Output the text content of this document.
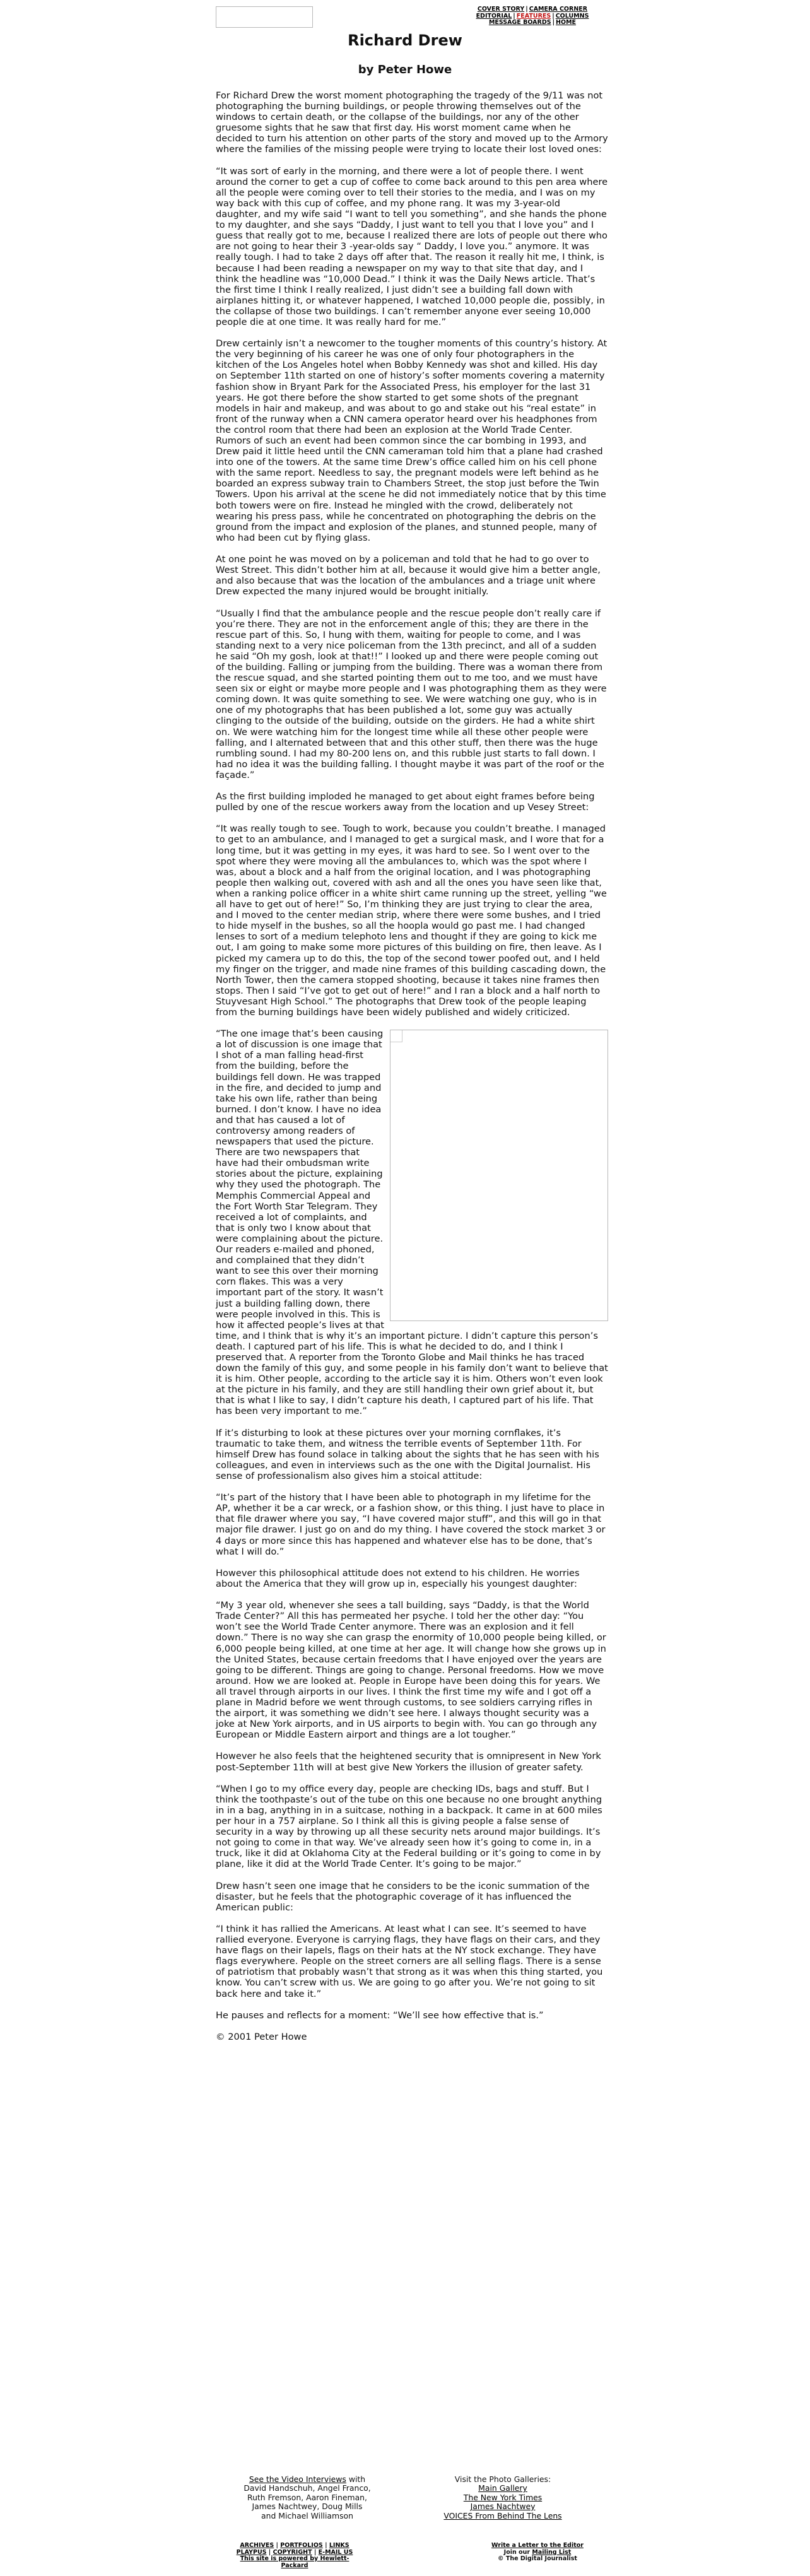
COVER STORY | CAMERA CORNER
EDITORIAL | FEATURES | COLUMNS
MESSAGE BOARDS | HOME
Richard Drew
by Peter Howe

For Richard Drew the worst moment photographing the tragedy of the 9/11 was not photographing the burning buildings, or people throwing themselves out of the windows to certain death, or the collapse of the buildings, nor any of the other gruesome sights that he saw that first day. His worst moment came when he decided to turn his attention on other parts of the story and moved up to the Armory where the families of the missing people were trying to locate their lost loved ones:

“It was sort of early in the morning, and there were a lot of people there. I went around the corner to get a cup of coffee to come back around to this pen area where all the people were coming over to tell their stories to the media, and I was on my way back with this cup of coffee, and my phone rang. It was my 3-year-old daughter, and my wife said “I want to tell you something”, and she hands the phone to my daughter, and she says “Daddy, I just want to tell you that I love you” and I guess that really got to me, because I realized there are lots of people out there who are not going to hear their 3 -year-olds say “ Daddy, I love you.” anymore. It was really tough. I had to take 2 days off after that. The reason it really hit me, I think, is because I had been reading a newspaper on my way to that site that day, and I think the headline was “10,000 Dead.” I think it was the Daily News article. That’s the first time I think I really realized, I just didn’t see a building fall down with airplanes hitting it, or whatever happened, I watched 10,000 people die, possibly, in the collapse of those two buildings. I can’t remember anyone ever seeing 10,000 people die at one time. It was really hard for me.”

Drew certainly isn’t a newcomer to the tougher moments of this country’s history. At the very beginning of his career he was one of only four photographers in the kitchen of the Los Angeles hotel when Bobby Kennedy was shot and killed. His day on September 11th started on one of history’s softer moments covering a maternity fashion show in Bryant Park for the Associated Press, his employer for the last 31 years. He got there before the show started to get some shots of the pregnant models in hair and makeup, and was about to go and stake out his “real estate” in front of the runway when a CNN camera operator heard over his headphones from the control room that there had been an explosion at the World Trade Center. Rumors of such an event had been common since the car bombing in 1993, and Drew paid it little heed until the CNN cameraman told him that a plane had crashed into one of the towers. At the same time Drew’s office called him on his cell phone with the same report. Needless to say, the pregnant models were left behind as he boarded an express subway train to Chambers Street, the stop just before the Twin Towers. Upon his arrival at the scene he did not immediately notice that by this time both towers were on fire. Instead he mingled with the crowd, deliberately not wearing his press pass, while he concentrated on photographing the debris on the ground from the impact and explosion of the planes, and stunned people, many of who had been cut by flying glass.

At one point he was moved on by a policeman and told that he had to go over to West Street. This didn’t bother him at all, because it would give him a better angle, and also because that was the location of the ambulances and a triage unit where Drew expected the many injured would be brought initially.

“Usually I find that the ambulance people and the rescue people don’t really care if you’re there. They are not in the enforcement angle of this; they are there in the rescue part of this. So, I hung with them, waiting for people to come, and I was standing next to a very nice policeman from the 13th precinct, and all of a sudden he said “Oh my gosh, look at that!!” I looked up and there were people coming out of the building. Falling or jumping from the building. There was a woman there from the rescue squad, and she started pointing them out to me too, and we must have seen six or eight or maybe more people and I was photographing them as they were coming down. It was quite something to see. We were watching one guy, who is in one of my photographs that has been published a lot, some guy was actually clinging to the outside of the building, outside on the girders. He had a white shirt on. We were watching him for the longest time while all these other people were falling, and I alternated between that and this other stuff, then there was the huge rumbling sound. I had my 80-200 lens on, and this rubble just starts to fall down. I had no idea it was the building falling. I thought maybe it was part of the roof or the façade.”

As the first building imploded he managed to get about eight frames before being pulled by one of the rescue workers away from the location and up Vesey Street:

“It was really tough to see. Tough to work, because you couldn’t breathe. I managed to get to an ambulance, and I managed to get a surgical mask, and I wore that for a long time, but it was getting in my eyes, it was hard to see. So I went over to the spot where they were moving all the ambulances to, which was the spot where I was, about a block and a half from the original location, and I was photographing people then walking out, covered with ash and all the ones you have seen like that, when a ranking police officer in a white shirt came running up the street, yelling “we all have to get out of here!” So, I’m thinking they are just trying to clear the area, and I moved to the center median strip, where there were some bushes, and I tried to hide myself in the bushes, so all the hoopla would go past me. I had changed lenses to sort of a medium telephoto lens and thought if they are going to kick me out, I am going to make some more pictures of this building on fire, then leave. As I picked my camera up to do this, the top of the second tower poofed out, and I held my finger on the trigger, and made nine frames of this building cascading down, the North Tower, then the camera stopped shooting, because it takes nine frames then stops. Then I said “I’ve got to get out of here!” and I ran a block and a half north to Stuyvesant High School.” The photographs that Drew took of the people leaping from the burning buildings have been widely published and widely criticized.

“The one image that’s been causing a lot of discussion is one image that I shot of a man falling head-first from the building, before the buildings fell down. He was trapped in the fire, and decided to jump and take his own life, rather than being burned. I don’t know. I have no idea and that has caused a lot of controversy among readers of newspapers that used the picture. There are two newspapers that have had their ombudsman write stories about the picture, explaining why they used the photograph. The Memphis Commercial Appeal and the Fort Worth Star Telegram. They received a lot of complaints, and that is only two I know about that were complaining about the picture. Our readers e-mailed and phoned, and complained that they didn’t want to see this over their morning corn flakes. This was a very important part of the story. It wasn’t just a building falling down, there were people involved in this. This is how it affected people’s lives at that time, and I think that is why it’s an important picture. I didn’t capture this person’s death. I captured part of his life. This is what he decided to do, and I think I preserved that. A reporter from the Toronto Globe and Mail thinks he has traced down the family of this guy, and some people in his family don’t want to believe that it is him. Other people, according to the article say it is him. Others won’t even look at the picture in his family, and they are still handling their own grief about it, but that is what I like to say, I didn’t capture his death, I captured part of his life. That has been very important to me.”

If it’s disturbing to look at these pictures over your morning cornflakes, it’s traumatic to take them, and witness the terrible events of September 11th. For himself Drew has found solace in talking about the sights that he has seen with his colleagues, and even in interviews such as the one with the Digital Journalist. His sense of professionalism also gives him a stoical attitude:

“It’s part of the history that I have been able to photograph in my lifetime for the AP, whether it be a car wreck, or a fashion show, or this thing. I just have to place in that file drawer where you say, “I have covered major stuff”, and this will go in that major file drawer. I just go on and do my thing. I have covered the stock market 3 or 4 days or more since this has happened and whatever else has to be done, that’s what I will do.”

However this philosophical attitude does not extend to his children. He worries about the America that they will grow up in, especially his youngest daughter:

“My 3 year old, whenever she sees a tall building, says “Daddy, is that the World Trade Center?” All this has permeated her psyche. I told her the other day: “You won’t see the World Trade Center anymore. There was an explosion and it fell down.” There is no way she can grasp the enormity of 10,000 people being killed, or 6,000 people being killed, at one time at her age. It will change how she grows up in the United States, because certain freedoms that I have enjoyed over the years are going to be different. Things are going to change. Personal freedoms. How we move around. How we are looked at. People in Europe have been doing this for years. We all travel through airports in our lives. I think the first time my wife and I got off a plane in Madrid before we went through customs, to see soldiers carrying rifles in the airport, it was something we didn’t see here. I always thought security was a joke at New York airports, and in US airports to begin with. You can go through any European or Middle Eastern airport and things are a lot tougher.”

However he also feels that the heightened security that is omnipresent in New York post-September 11th will at best give New Yorkers the illusion of greater safety.

“When I go to my office every day, people are checking IDs, bags and stuff. But I think the toothpaste’s out of the tube on this one because no one brought anything in in a bag, anything in in a suitcase, nothing in a backpack. It came in at 600 miles per hour in a 757 airplane. So I think all this is giving people a false sense of security in a way by throwing up all these security nets around major buildings. It’s not going to come in that way. We’ve already seen how it’s going to come in, in a truck, like it did at Oklahoma City at the Federal building or it’s going to come in by plane, like it did at the World Trade Center. It’s going to be major.”

Drew hasn’t seen one image that he considers to be the iconic summation of the disaster, but he feels that the photographic coverage of it has influenced the American public:

“I think it has rallied the Americans. At least what I can see. It’s seemed to have rallied everyone. Everyone is carrying flags, they have flags on their cars, and they have flags on their lapels, flags on their hats at the NY stock exchange. They have flags everywhere. People on the street corners are all selling flags. There is a sense of patriotism that probably wasn’t that strong as it was when this thing started, you know. You can’t screw with us. We are going to go after you. We’re not going to sit back here and take it.”

He pauses and reflects for a moment: “We’ll see how effective that is.”

© 2001 Peter Howe

See the Video Interviews with
David Handschuh, Angel Franco,
Ruth Fremson, Aaron Fineman,
James Nachtwey, Doug Mills
and Michael Williamson
Visit the Photo Galleries:
Main Gallery
The New York Times
James Nachtwey
VOICES From Behind The Lens
ARCHIVES | PORTFOLIOS | LINKS
PLAYPUS | COPYRIGHT | E-MAIL US
This site is powered by Hewlett-
Packard
Write a Letter to the Editor
Join our Mailing List
© The Digital Journalist
